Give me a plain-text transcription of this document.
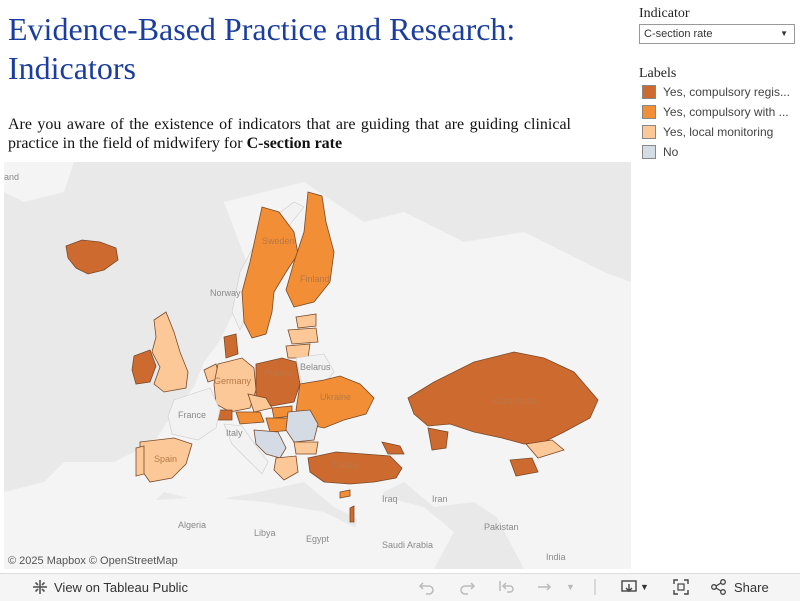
Evidence-Based Practice and Research:
Indicators

Are you aware of the existence of indicators that are guiding that are guiding clinical practice in the field of midwifery for C-section rate

and
Sweden
Norway
Finland
Belarus
Poland
Germany
Ukraine
France
Italy
Spain
Kazakhstan
Turkey
Iraq	Iran
Algeria
Libya
Egypt
Saudi Arabia
Pakistan
India
© 2025 Mapbox © OpenStreetMap
Indicator
C-section rate	▼
Labels
Yes, compulsory regis...
Yes, compulsory with ...
Yes, local monitoring
No
View on Tableau Public	▼	▼	Share
